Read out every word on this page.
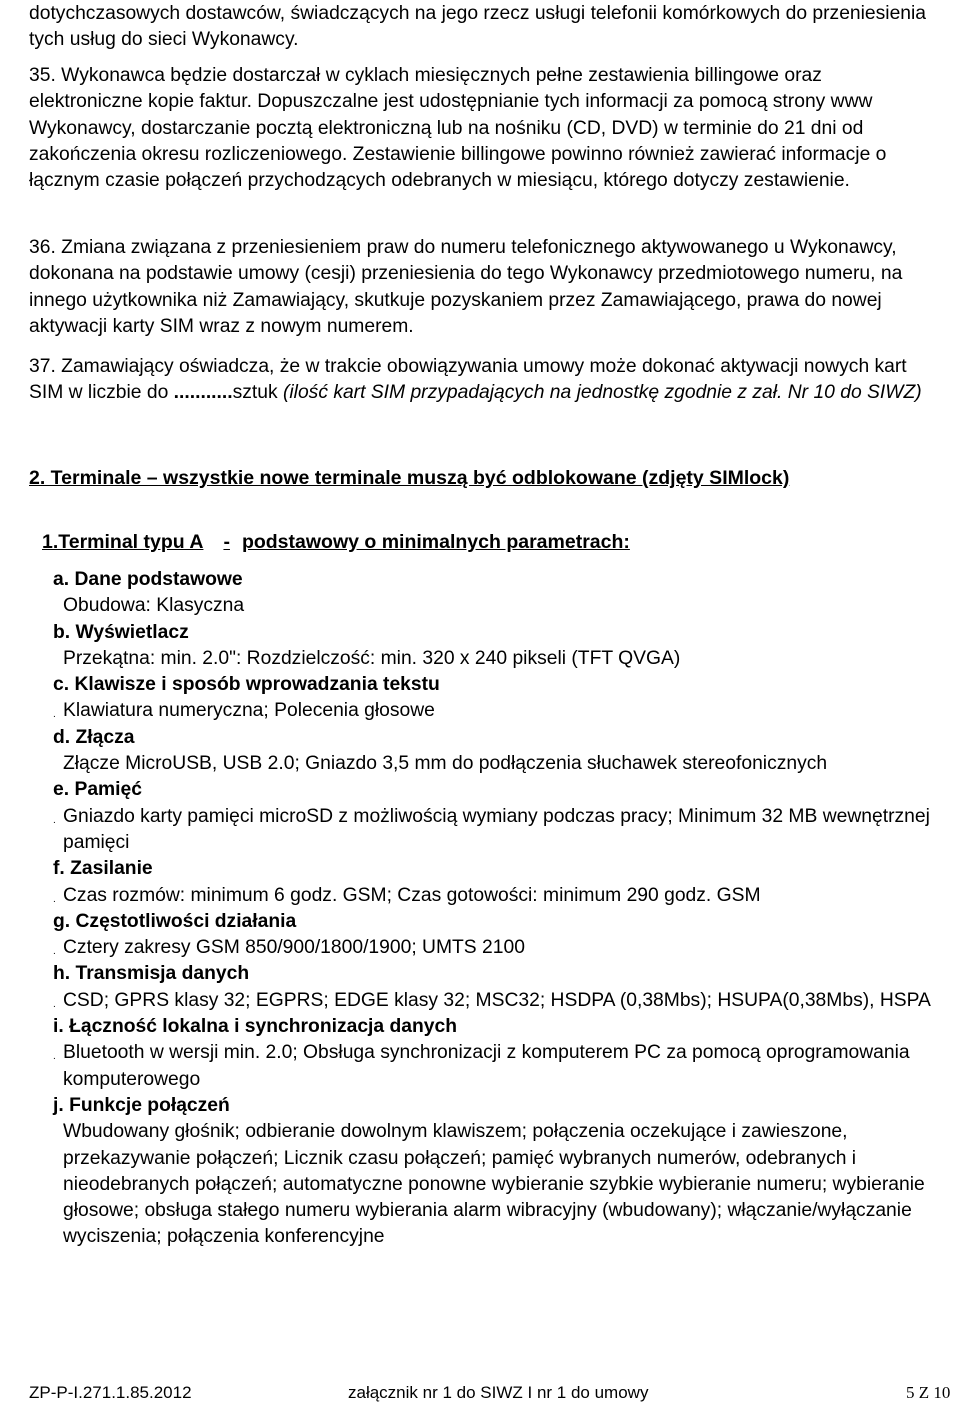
dotychczasowych dostawców, świadczących na jego rzecz usługi telefonii komórkowych do przeniesienia tych usług do sieci Wykonawcy.

35. Wykonawca będzie dostarczał w cyklach miesięcznych pełne zestawienia billingowe oraz elektroniczne kopie faktur. Dopuszczalne jest udostępnianie tych informacji za pomocą strony www Wykonawcy, dostarczanie pocztą elektroniczną lub na nośniku (CD, DVD) w terminie do 21 dni od zakończenia okresu rozliczeniowego. Zestawienie billingowe powinno również zawierać informacje o łącznym czasie połączeń przychodzących odebranych w miesiącu, którego dotyczy zestawienie.

36. Zmiana związana z przeniesieniem praw do numeru telefonicznego aktywowanego u Wykonawcy, dokonana na podstawie umowy (cesji) przeniesienia do tego Wykonawcy przedmiotowego numeru, na innego użytkownika niż Zamawiający, skutkuje pozyskaniem przez Zamawiającego, prawa do nowej aktywacji karty SIM wraz z nowym numerem.

37. Zamawiający oświadcza, że w trakcie obowiązywania umowy może dokonać aktywacji nowych kart SIM w liczbie do ...........sztuk (ilość kart SIM przypadających na jednostkę zgodnie z zał. Nr 10 do SIWZ)

2. Terminale – wszystkie nowe terminale muszą być odblokowane (zdjęty SIMlock)
1.Terminal typu A - podstawowy o minimalnych parametrach:
a. Dane podstawowe
Obudowa: Klasyczna
b. Wyświetlacz
Przekątna: min. 2.0": Rozdzielczość: min. 320 x 240 pikseli (TFT QVGA)
c. Klawisze i sposób wprowadzania tekstu
. Klawiatura numeryczna; Polecenia głosowe
d. Złącza
Złącze MicroUSB, USB 2.0; Gniazdo 3,5 mm do podłączenia słuchawek stereofonicznych
e. Pamięć
. Gniazdo karty pamięci microSD z możliwością wymiany podczas pracy; Minimum 32 MB wewnętrznej pamięci
f. Zasilanie
. Czas rozmów: minimum 6 godz. GSM; Czas gotowości: minimum 290 godz. GSM
g. Częstotliwości działania
. Cztery zakresy GSM 850/900/1800/1900; UMTS 2100
h. Transmisja danych
. CSD; GPRS klasy 32; EGPRS; EDGE klasy 32; MSC32; HSDPA (0,38Mbs); HSUPA(0,38Mbs), HSPA
i. Łączność lokalna i synchronizacja danych
. Bluetooth w wersji min. 2.0; Obsługa synchronizacji z komputerem PC za pomocą oprogramowania komputerowego
j. Funkcje połączeń
Wbudowany głośnik; odbieranie dowolnym klawiszem; połączenia oczekujące i zawieszone, przekazywanie połączeń; Licznik czasu połączeń; pamięć wybranych numerów, odebranych i nieodebranych połączeń; automatyczne ponowne wybieranie szybkie wybieranie numeru; wybieranie głosowe; obsługa stałego numeru wybierania alarm wibracyjny (wbudowany); włączanie/wyłączanie wyciszenia; połączenia konferencyjne
ZP-P-I.271.1.85.2012	załącznik nr 1 do SIWZ I nr 1 do umowy	5 Z 10
